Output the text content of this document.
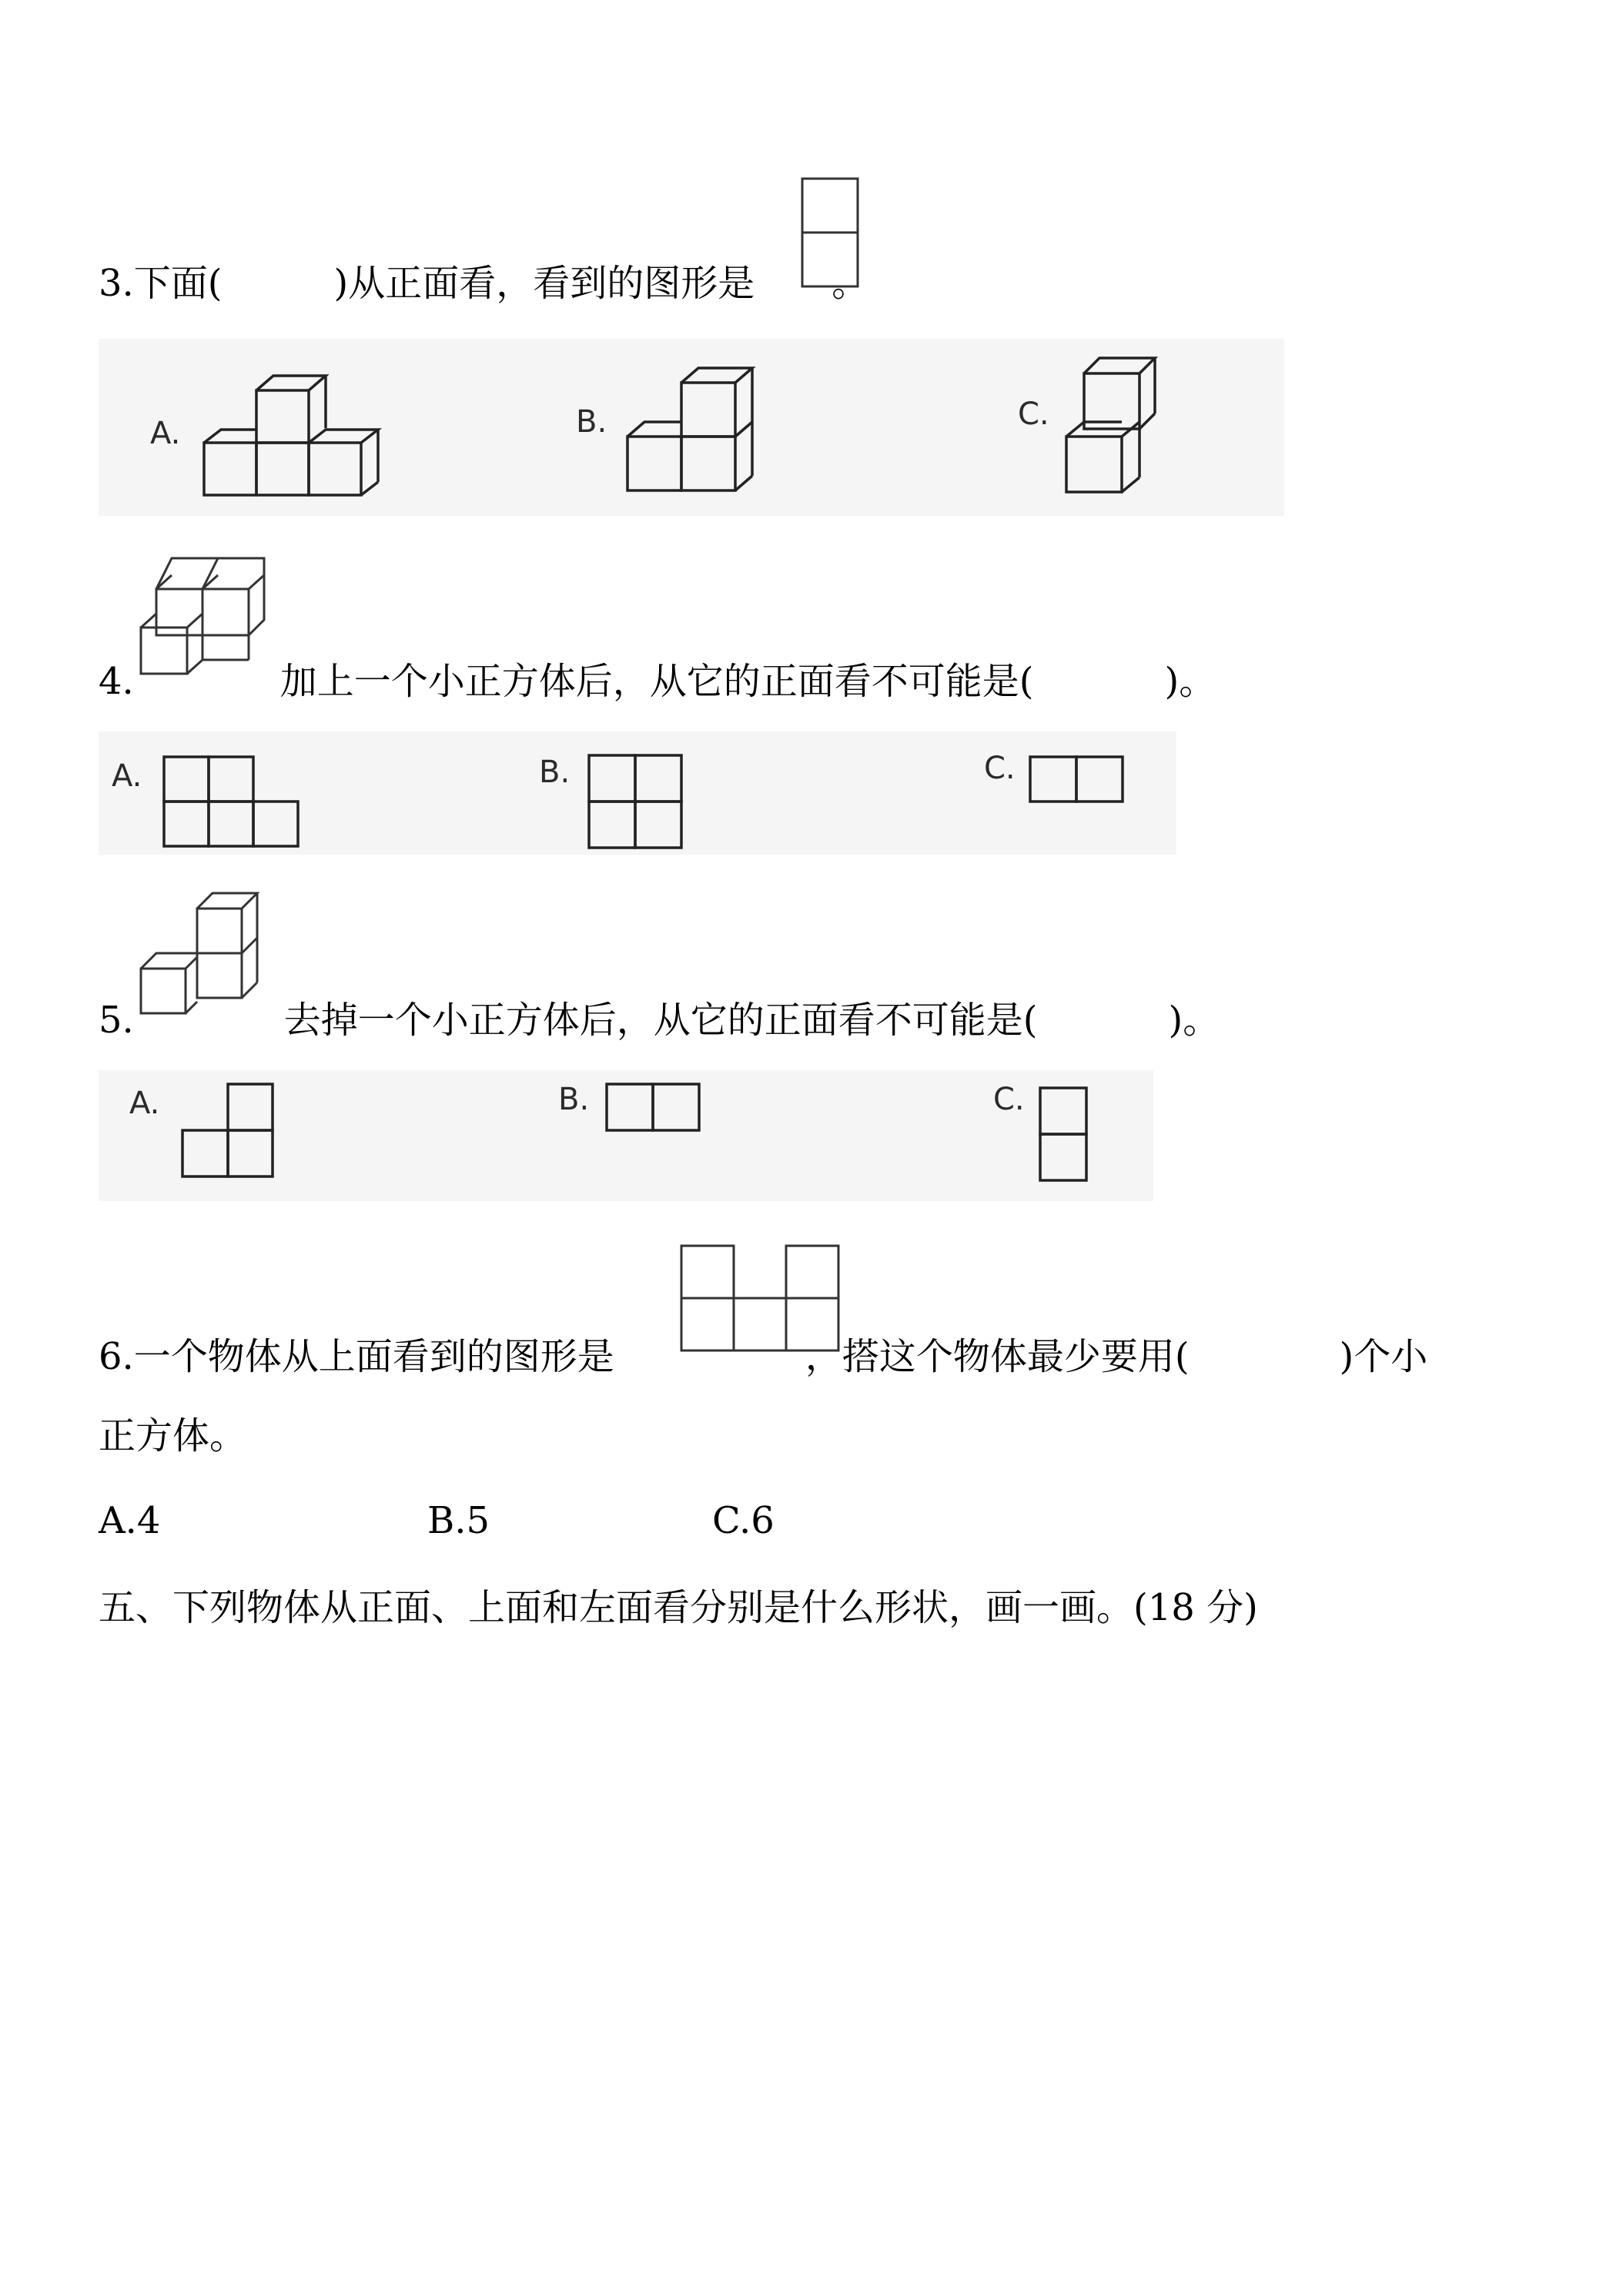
3.下面(	)从正面看，看到的图形是 。
A.	B.	C.
4.	加上一个小正方体后，从它的正面看不可能是(	)。
A.	B.	C.
5.	去掉一个小正方体后，从它的正面看不可能是(	)。
A.	B.	C.
6.一个物体从上面看到的图形是	，搭这个物体最少要用(	)个小
正方体。
A.4	B.5	C.6
五、下列物体从正面、上面和左面看分别是什么形状，画一画。(18 分)
